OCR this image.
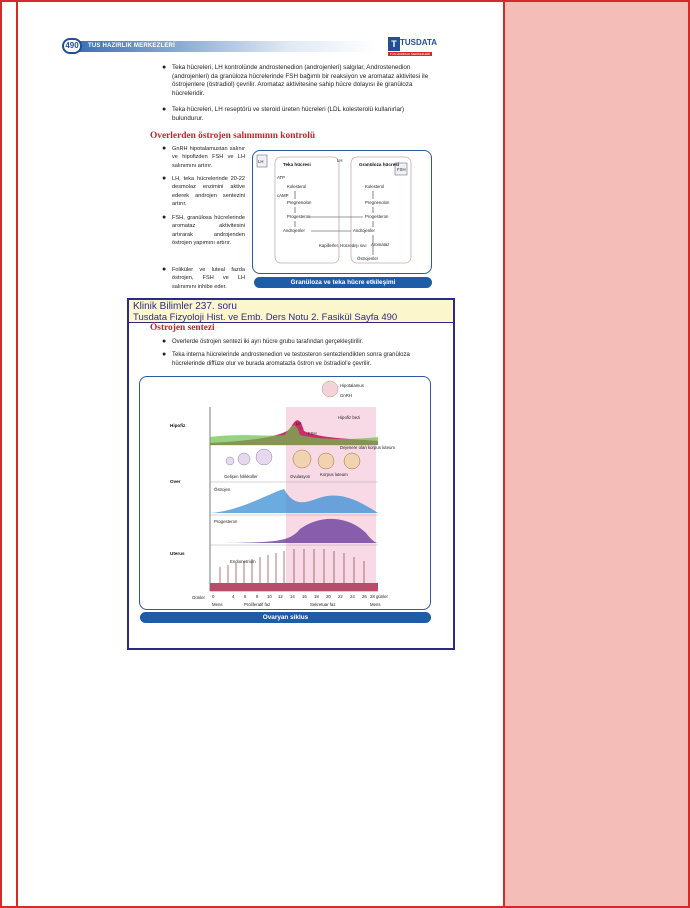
490	TUS HAZIRLIK MERKEZLERİ	T TUSDATA
TUS HAZIRLIK MERKEZLERİ
● Teka hücreleri, LH kontrolünde androstenedion (androjenleri) salgılar, Androstenedion (androjenleri) da granüloza hücrelerinde FSH bağımlı bir reaksiyon ve aromataz aktivitesi ile östrojenlere (östradiol) çevrilir. Aromataz aktivitesine sahip hücre dolayısı ile granüloza hücreleridir.
● Teka hücreleri, LH reseptörü ve steroid üreten hücreleri (LDL kolesterolü kullanırlar) bulundurur.
Overlerden östrojen salınımının kontrolü
● GnRH hipotalamustan salınır ve hipofizden FSH ve LH salınımını artırır.
● LH, teka hücrelerinde 20-22 desmolaz enzimini aktive ederek androjen sentezini artırır.
● FSH, granülosa hücrelerinde aromataz aktivitesini artırarak androjenden östrojen yapımını artırır.
● Foliküler ve luteal fazda östrojen, FSH ve LH salınımını inhibe eder.
LH	LH
FSH
Teka hücresi	Granüloza hücresi
ATP
cAMP
Kolesterol
Pregnenolon
Progesteron
Androjenler
Kolesterol
Pregnenolon
Progesteron
Androjenler
Aromataz
Östrojenler
Kapillerler, Hücredışı sıvı
Granüloza ve teka hücre etkileşimi
Klinik Bilimler 237. soru
Tusdata Fizyoloji Hist. ve Emb. Ders Notu 2. Fasikül Sayfa 490
Östrojen sentezi
● Overlerde östrojen sentezi iki ayrı hücre grubu tarafından gerçekleştirilir.
● Teka interna hücrelerinde androstenedion ve testosteron sentezlendikten sonra granülozа hücrelerinde diffüze olur ve burada aromatazla östron ve östradiol'e çevrilir.
Hipofiz
Over
Uterus
Hipotalamus
GnRH
Hipofiz bezi
LH
FSH
Gelişen folikküller	Ovulasyon Korpus luteum
Dejenere olan korpus luteum
Östrojen
Progesteron
Endometrium
Günler 0	4 6 8 10 12 14 16 18 20 22 24 26 28 günler
Mens	Proliferatif faz	Sekretuar faz	Mens
Ovaryan siklus
